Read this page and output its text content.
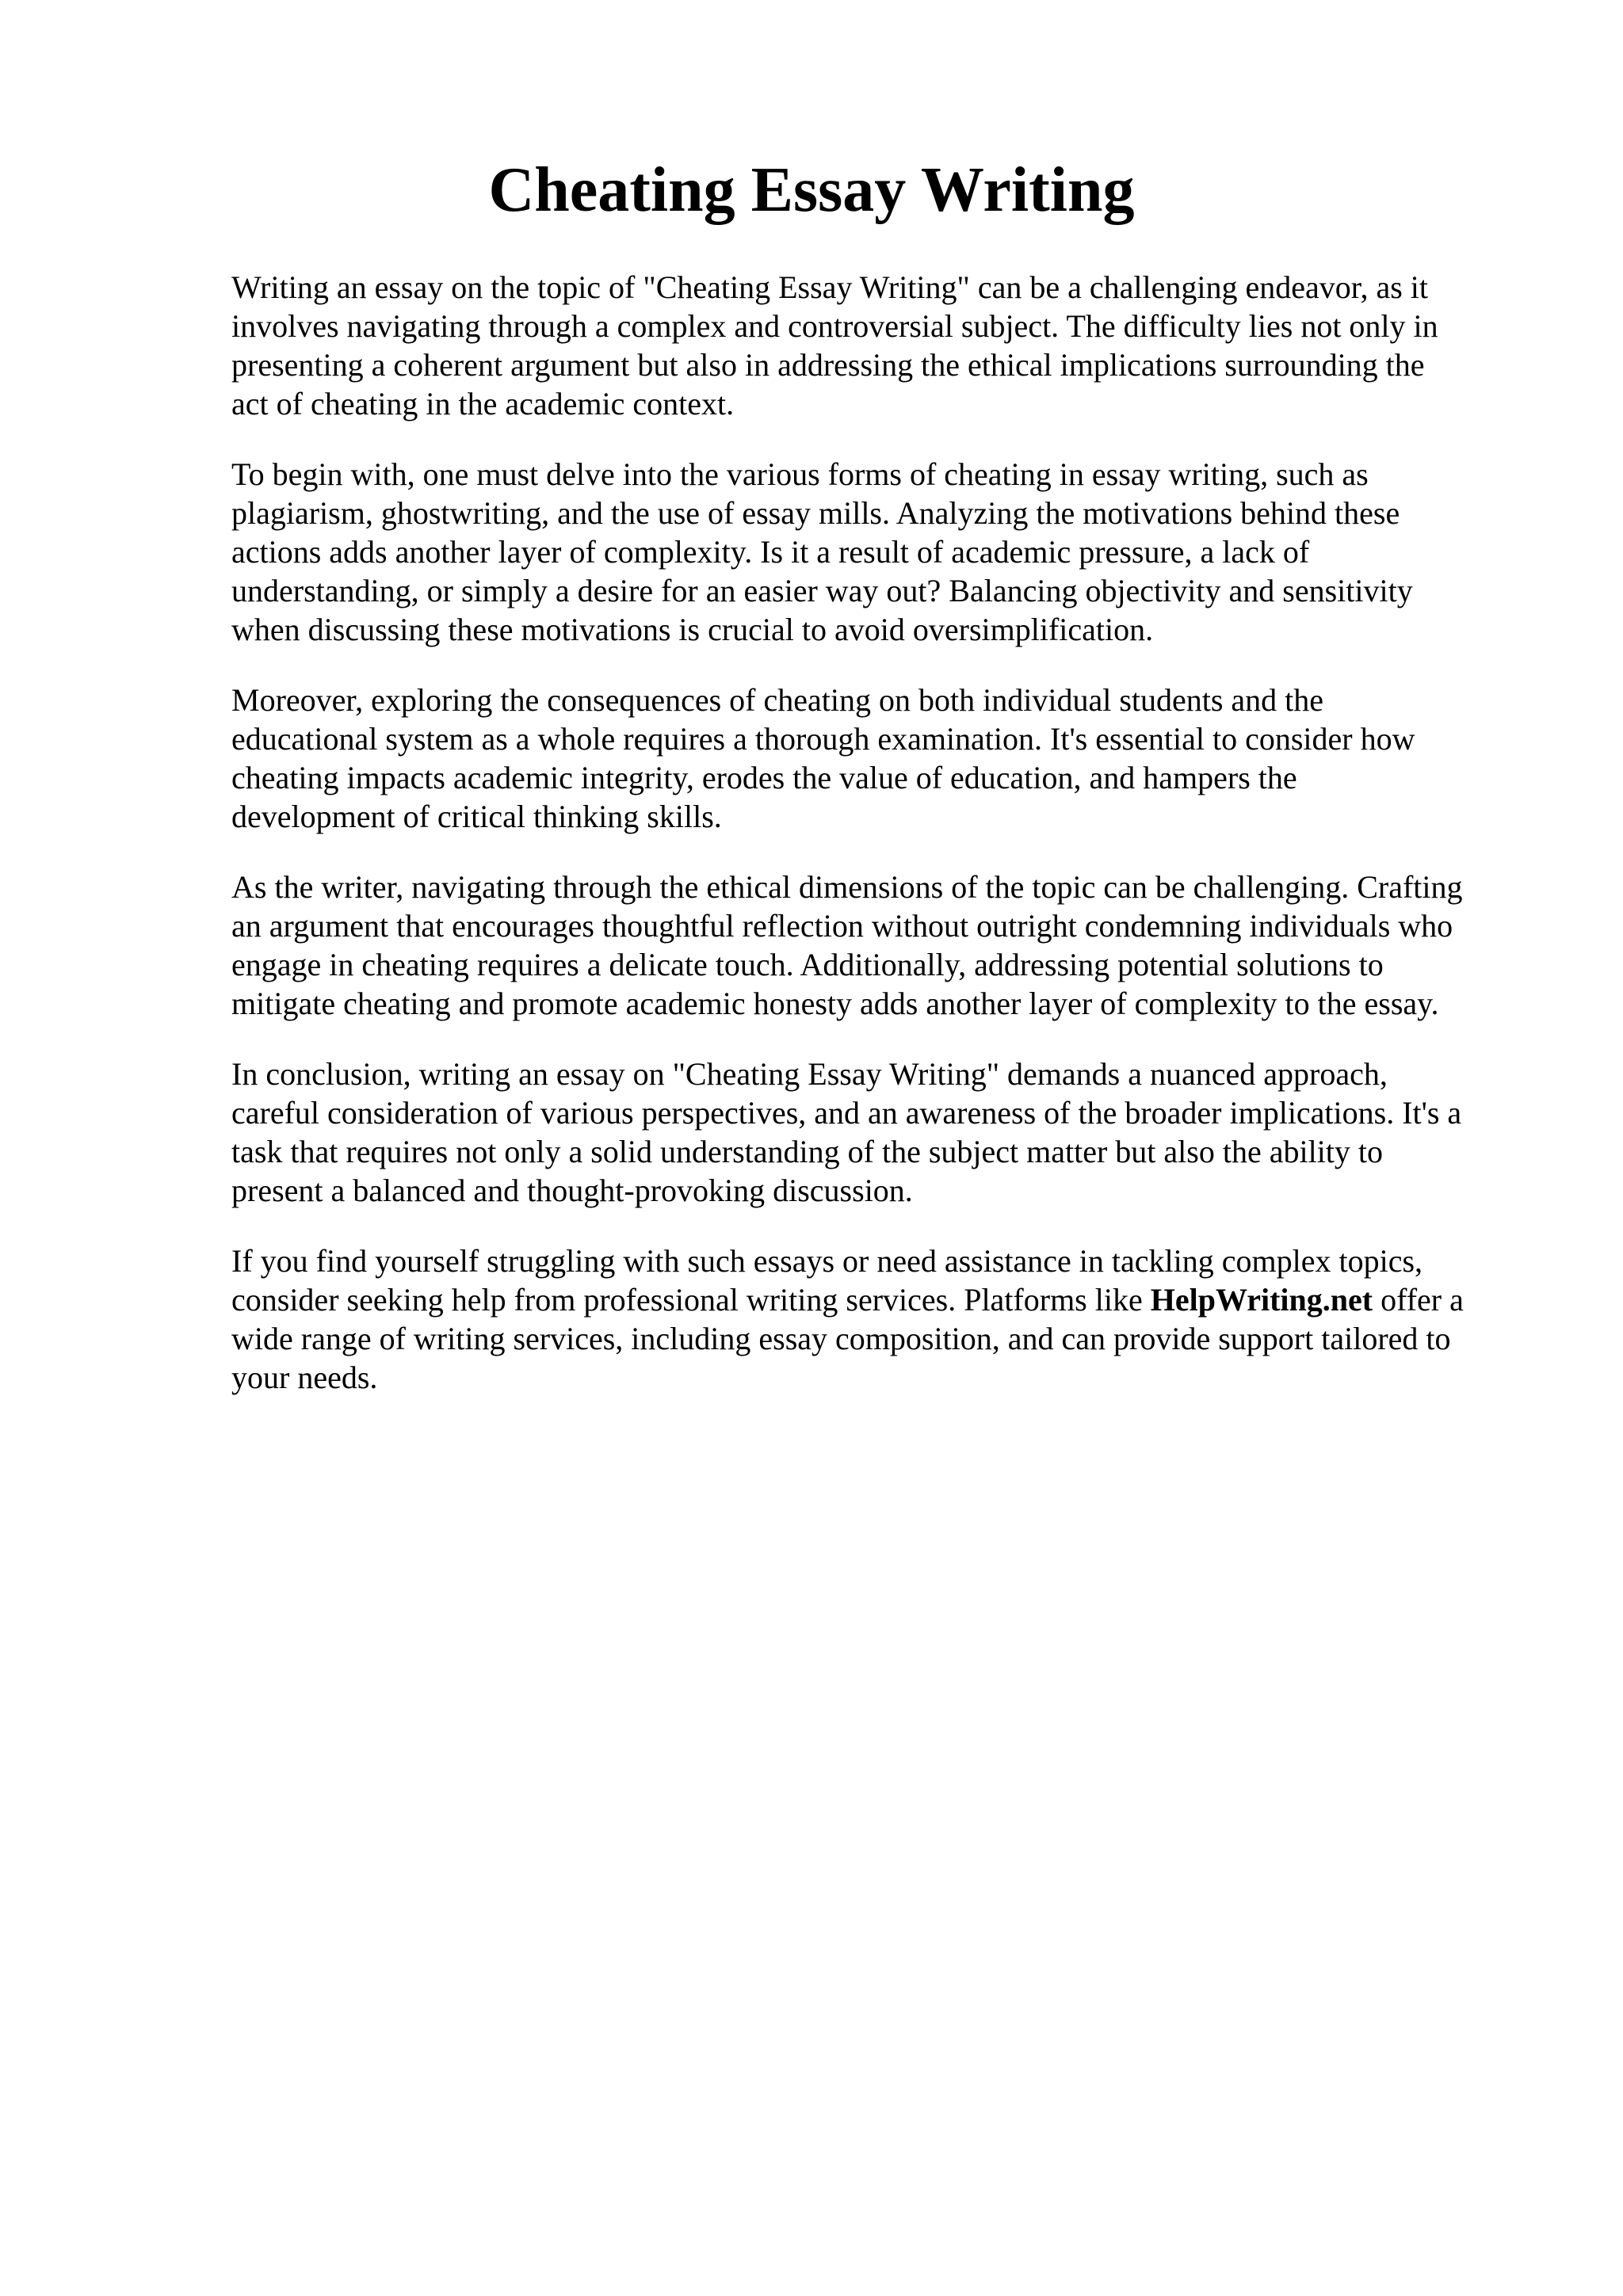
Cheating Essay Writing

Writing an essay on the topic of "Cheating Essay Writing" can be a challenging endeavor, as it
involves navigating through a complex and controversial subject. The difficulty lies not only in
presenting a coherent argument but also in addressing the ethical implications surrounding the
act of cheating in the academic context.

To begin with, one must delve into the various forms of cheating in essay writing, such as
plagiarism, ghostwriting, and the use of essay mills. Analyzing the motivations behind these
actions adds another layer of complexity. Is it a result of academic pressure, a lack of
understanding, or simply a desire for an easier way out? Balancing objectivity and sensitivity
when discussing these motivations is crucial to avoid oversimplification.

Moreover, exploring the consequences of cheating on both individual students and the
educational system as a whole requires a thorough examination. It's essential to consider how
cheating impacts academic integrity, erodes the value of education, and hampers the
development of critical thinking skills.

As the writer, navigating through the ethical dimensions of the topic can be challenging. Crafting
an argument that encourages thoughtful reflection without outright condemning individuals who
engage in cheating requires a delicate touch. Additionally, addressing potential solutions to
mitigate cheating and promote academic honesty adds another layer of complexity to the essay.

In conclusion, writing an essay on "Cheating Essay Writing" demands a nuanced approach,
careful consideration of various perspectives, and an awareness of the broader implications. It's a
task that requires not only a solid understanding of the subject matter but also the ability to
present a balanced and thought-provoking discussion.

If you find yourself struggling with such essays or need assistance in tackling complex topics,
consider seeking help from professional writing services. Platforms like HelpWriting.net offer a
wide range of writing services, including essay composition, and can provide support tailored to
your needs.
